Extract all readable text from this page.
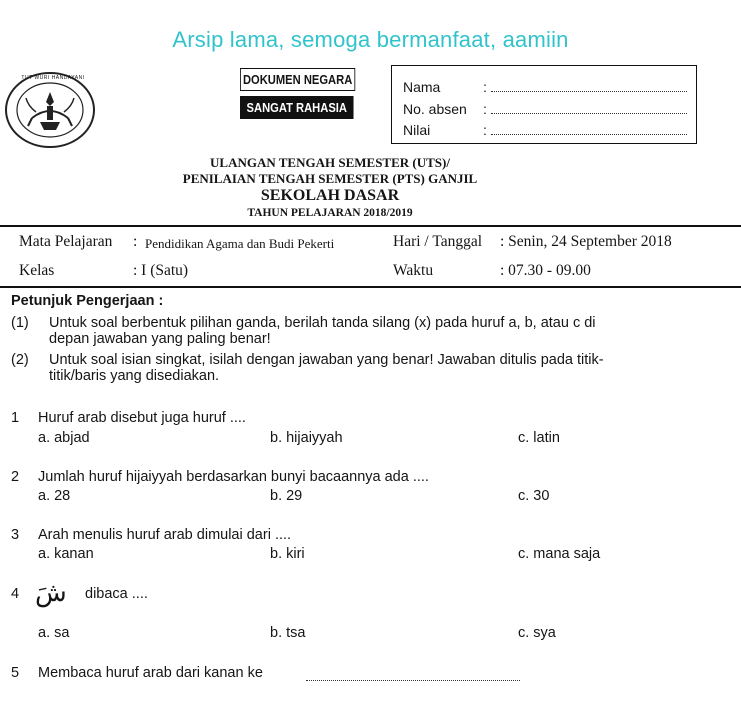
Arsip lama, semoga bermanfaat, aamiin
TUT WURI HANDAYANI	DOKUMEN NEGARA
SANGAT RAHASIA
Nama	:
No. absen :
Nilai	:
ULANGAN TENGAH SEMESTER (UTS)/
PENILAIAN TENGAH SEMESTER (PTS) GANJIL
SEKOLAH DASAR
TAHUN PELAJARAN 2018/2019
Mata Pelajaran : Pendidikan Agama dan Budi Pekerti	Hari / Tanggal : Senin, 24 September 2018
Kelas	: I (Satu)	Waktu	: 07.30 - 09.00
Petunjuk Pengerjaan :
(1) Untuk soal berbentuk pilihan ganda, berilah tanda silang (x) pada huruf a, b, atau c di
depan jawaban yang paling benar!
(2) Untuk soal isian singkat, isilah dengan jawaban yang benar! Jawaban ditulis pada titik-
titik/baris yang disediakan.
1 Huruf arab disebut juga huruf ....
a. abjad	b. hijaiyyah	c. latin
2 Jumlah huruf hijaiyyah berdasarkan bunyi bacaannya ada ....
a. 28	b. 29	c. 30
3 Arah menulis huruf arab dimulai dari ....
a. kanan	b. kiri	c. mana saja
4 شَ dibaca ....
a. sa	b. tsa	c. sya
5 Membaca huruf arab dari kanan ke
